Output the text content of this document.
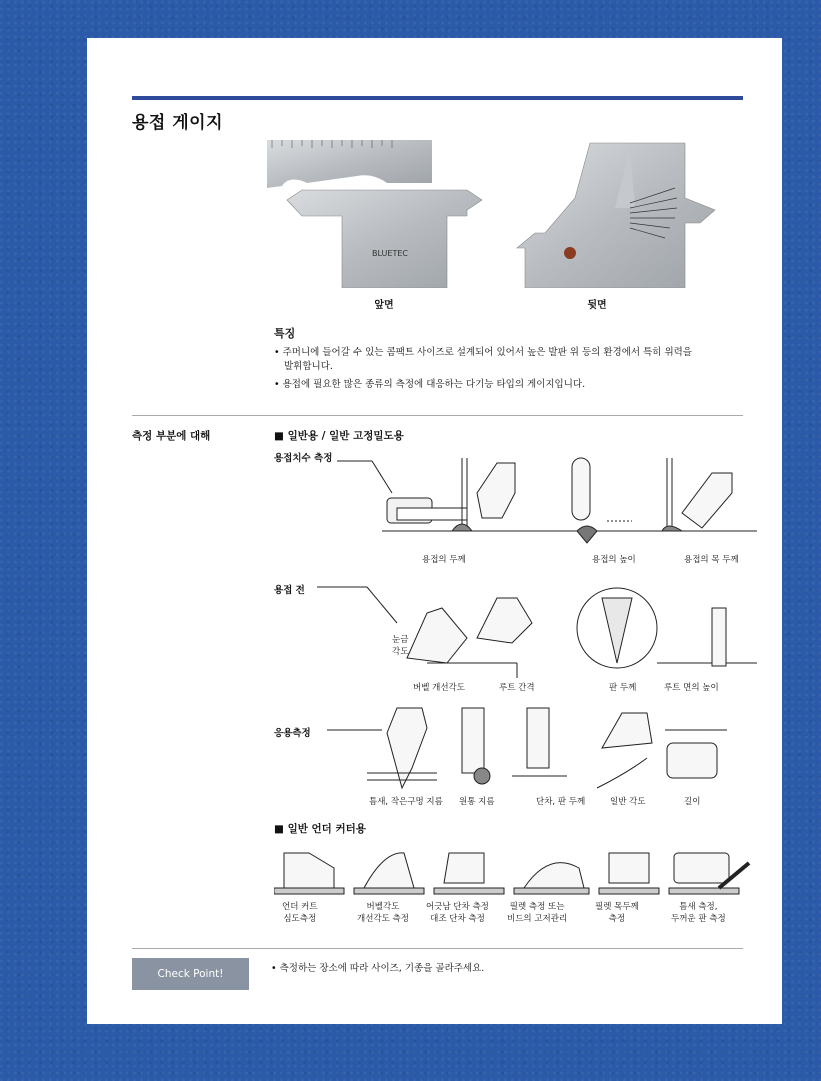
용접 게이지
BLUETEC
앞면	뒷면
특징
• 주머니에 들어갈 수 있는 콤팩트 사이즈로 설계되어 있어서 높은 발판 위 등의 환경에서 특히 위력을
발휘합니다.
• 용접에 필요한 많은 종류의 측정에 대응하는 다기능 타입의 게이지입니다.
측정 부분에 대해	■ 일반용 / 일반 고정밀도용
용접치수 측정
용접의 두께	용접의 높이	용접의 목 두께
용접 전
눈금
각도
버벨 개선각도	루트 간격	판 두께	루트 면의 높이
응용측정
틈새, 작은구멍 지름 원통 지름	단차, 판 두께	일반 각도	길이
■ 일반 언더 커터용
언더 커트
심도측정
버벨각도
개선각도 측정
어긋남 단차 측정
대조 단차 측정
필렛 측정 또는
비드의 고저관리
필렛 목두께
측정
틈새 측정,
두꺼운 판 측정
Check Point!	• 측정하는 장소에 따라 사이즈, 기종을 골라주세요.
